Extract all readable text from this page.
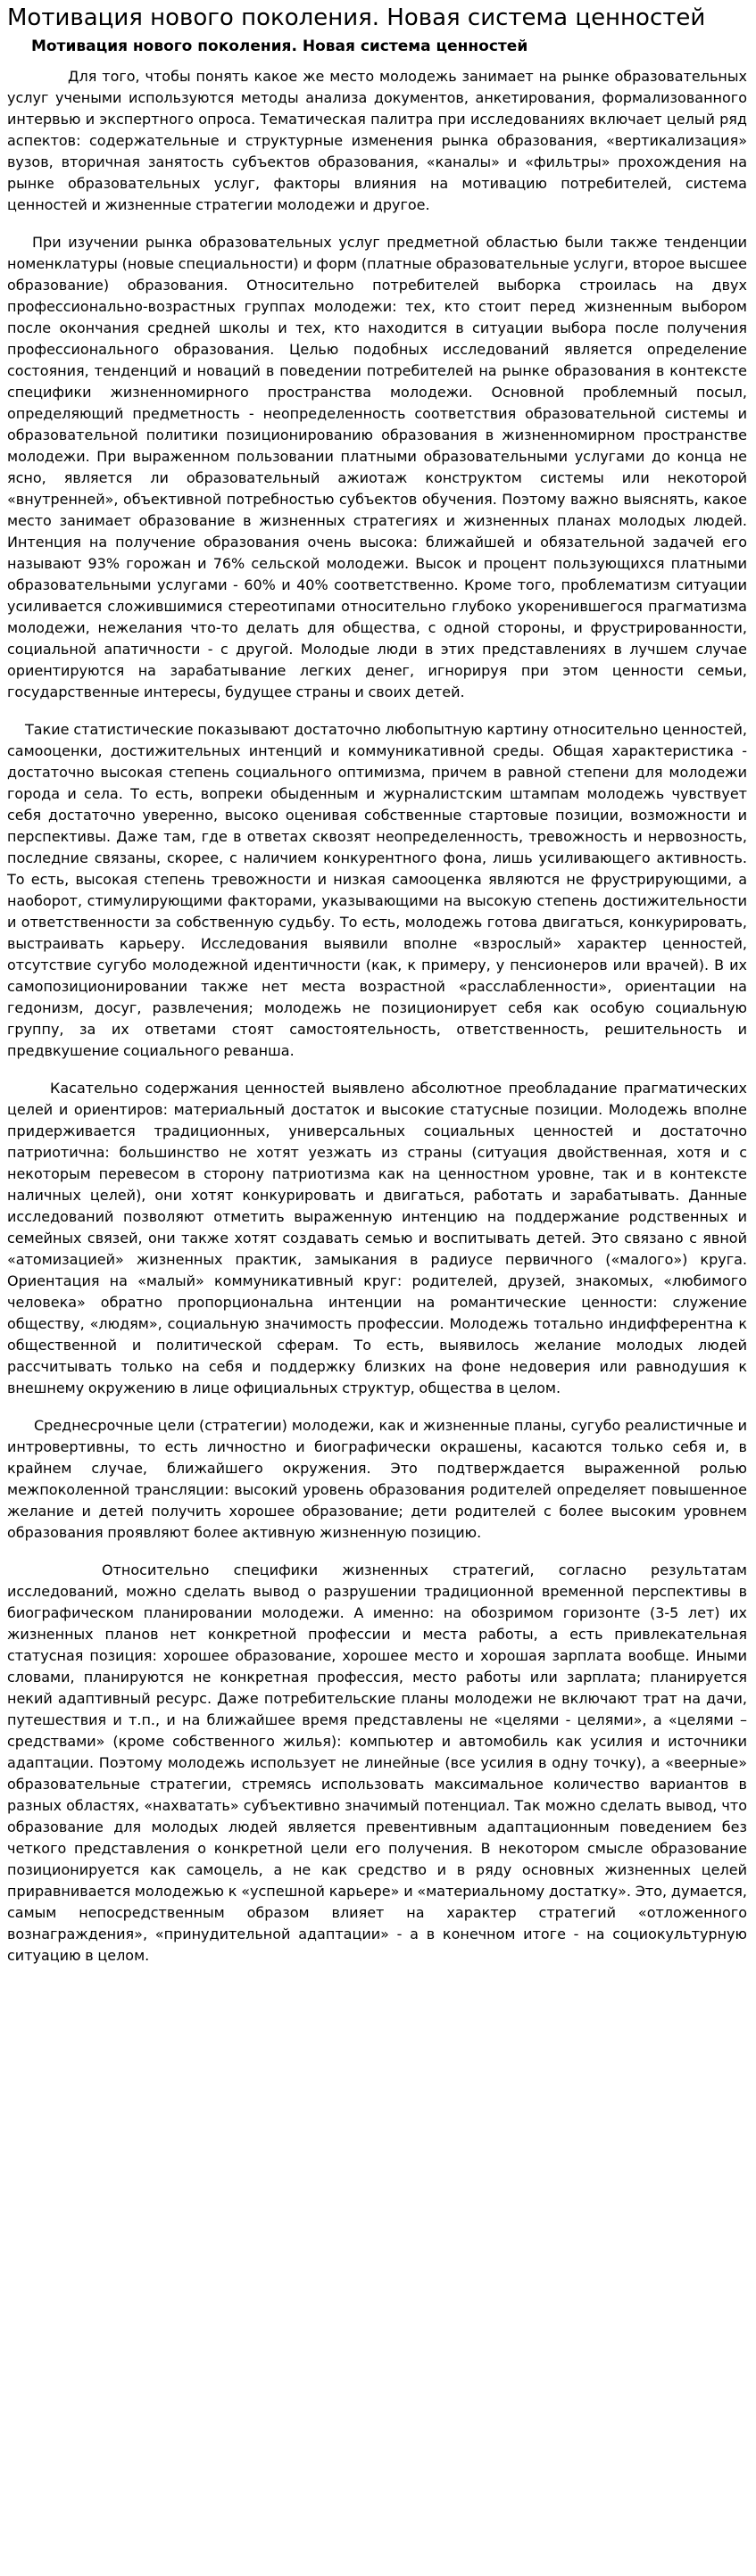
Мотивация нового поколения. Новая система ценностей
Мотивация нового поколения. Новая система ценностей

Для того, чтобы понять какое же место молодежь занимает на рынке образовательных услуг учеными используются методы анализа документов, анкетирования, формализованного интервью и экспертного опроса. Тематическая палитра при исследованиях включает целый ряд аспектов: содержательные и структурные изменения рынка образования, «вертикализация» вузов, вторичная занятость субъектов образования, «каналы» и «фильтры» прохождения на рынке образовательных услуг, факторы влияния на мотивацию потребителей, система ценностей и жизненные стратегии молодежи и другое.

При изучении рынка образовательных услуг предметной областью были также тенденции номенклатуры (новые специальности) и форм (платные образовательные услуги, второе высшее образование) образования. Относительно потребителей выборка строилась на двух профессионально-возрастных группах молодежи: тех, кто стоит перед жизненным выбором после окончания средней школы и тех, кто находится в ситуации выбора после получения профессионального образования. Целью подобных исследований является определение состояния, тенденций и новаций в поведении потребителей на рынке образования в контексте специфики жизненномирного пространства молодежи. Основной проблемный посыл, определяющий предметность - неопределенность соответствия образовательной системы и образовательной политики позиционированию образования в жизненномирном пространстве молодежи. При выраженном пользовании платными образовательными услугами до конца не ясно, является ли образовательный ажиотаж конструктом системы или некоторой «внутренней», объективной потребностью субъектов обучения. Поэтому важно выяснять, какое место занимает образование в жизненных стратегиях и жизненных планах молодых людей. Интенция на получение образования очень высока: ближайшей и обязательной задачей его называют 93% горожан и 76% сельской молодежи. Высок и процент пользующихся платными образовательными услугами - 60% и 40% соответственно. Кроме того, проблематизм ситуации усиливается сложившимися стереотипами относительно глубоко укоренившегося прагматизма молодежи, нежелания что-то делать для общества, с одной стороны, и фрустрированности, социальной апатичности - с другой. Молодые люди в этих представлениях в лучшем случае ориентируются на зарабатывание легких денег, игнорируя при этом ценности семьи, государственные интересы, будущее страны и своих детей.

Такие статистические показывают достаточно любопытную картину относительно ценностей, самооценки, достижительных интенций и коммуникативной среды. Общая характеристика - достаточно высокая степень социального оптимизма, причем в равной степени для молодежи города и села. То есть, вопреки обыденным и журналистским штампам молодежь чувствует себя достаточно уверенно, высоко оценивая собственные стартовые позиции, возможности и перспективы. Даже там, где в ответах сквозят неопределенность, тревожность и нервозность, последние связаны, скорее, с наличием конкурентного фона, лишь усиливающего активность. То есть, высокая степень тревожности и низкая самооценка являются не фрустрирующими, а наоборот, стимулирующими факторами, указывающими на высокую степень достижительности и ответственности за собственную судьбу. То есть, молодежь готова двигаться, конкурировать, выстраивать карьеру. Исследования выявили вполне «взрослый» характер ценностей, отсутствие сугубо молодежной идентичности (как, к примеру, у пенсионеров или врачей). В их самопозиционировании также нет места возрастной «расслабленности», ориентации на гедонизм, досуг, развлечения; молодежь не позиционирует себя как особую социальную группу, за их ответами стоят самостоятельность, ответственность, решительность и предвкушение социального реванша.

Касательно содержания ценностей выявлено абсолютное преобладание прагматических целей и ориентиров: материальный достаток и высокие статусные позиции. Молодежь вполне придерживается традиционных, универсальных социальных ценностей и достаточно патриотична: большинство не хотят уезжать из страны (ситуация двойственная, хотя и с некоторым перевесом в сторону патриотизма как на ценностном уровне, так и в контексте наличных целей), они хотят конкурировать и двигаться, работать и зарабатывать. Данные исследований позволяют отметить выраженную интенцию на поддержание родственных и семейных связей, они также хотят создавать семью и воспитывать детей. Это связано с явной «атомизацией» жизненных практик, замыкания в радиусе первичного («малого») круга. Ориентация на «малый» коммуникативный круг: родителей, друзей, знакомых, «любимого человека» обратно пропорциональна интенции на романтические ценности: служение обществу, «людям», социальную значимость профессии. Молодежь тотально индифферентна к общественной и политической сферам. То есть, выявилось желание молодых людей рассчитывать только на себя и поддержку близких на фоне недоверия или равнодушия к внешнему окружению в лице официальных структур, общества в целом.

Среднесрочные цели (стратегии) молодежи, как и жизненные планы, сугубо реалистичные и интровертивны, то есть личностно и биографически окрашены, касаются только себя и, в крайнем случае, ближайшего окружения. Это подтверждается выраженной ролью межпоколенной трансляции: высокий уровень образования родителей определяет повышенное желание и детей получить хорошее образование; дети родителей с более высоким уровнем образования проявляют более активную жизненную позицию.

Относительно специфики жизненных стратегий, согласно результатам исследований, можно сделать вывод о разрушении традиционной временной перспективы в биографическом планировании молодежи. А именно: на обозримом горизонте (3-5 лет) их жизненных планов нет конкретной профессии и места работы, а есть привлекательная статусная позиция: хорошее образование, хорошее место и хорошая зарплата вообще. Иными словами, планируются не конкретная профессия, место работы или зарплата; планируется некий адаптивный ресурс. Даже потребительские планы молодежи не включают трат на дачи, путешествия и т.п., и на ближайшее время представлены не «целями - целями», а «целями – средствами» (кроме собственного жилья): компьютер и автомобиль как усилия и источники адаптации. Поэтому молодежь использует не линейные (все усилия в одну точку), а «веерные» образовательные стратегии, стремясь использовать максимальное количество вариантов в разных областях, «нахватать» субъективно значимый потенциал. Так можно сделать вывод, что образование для молодых людей является превентивным адаптационным поведением без четкого представления о конкретной цели его получения. В некотором смысле образование позиционируется как самоцель, а не как средство и в ряду основных жизненных целей приравнивается молодежью к «успешной карьере» и «материальному достатку». Это, думается, самым непосредственным образом влияет на характер стратегий «отложенного вознаграждения», «принудительной адаптации» - а в конечном итоге - на социокультурную ситуацию в целом.
